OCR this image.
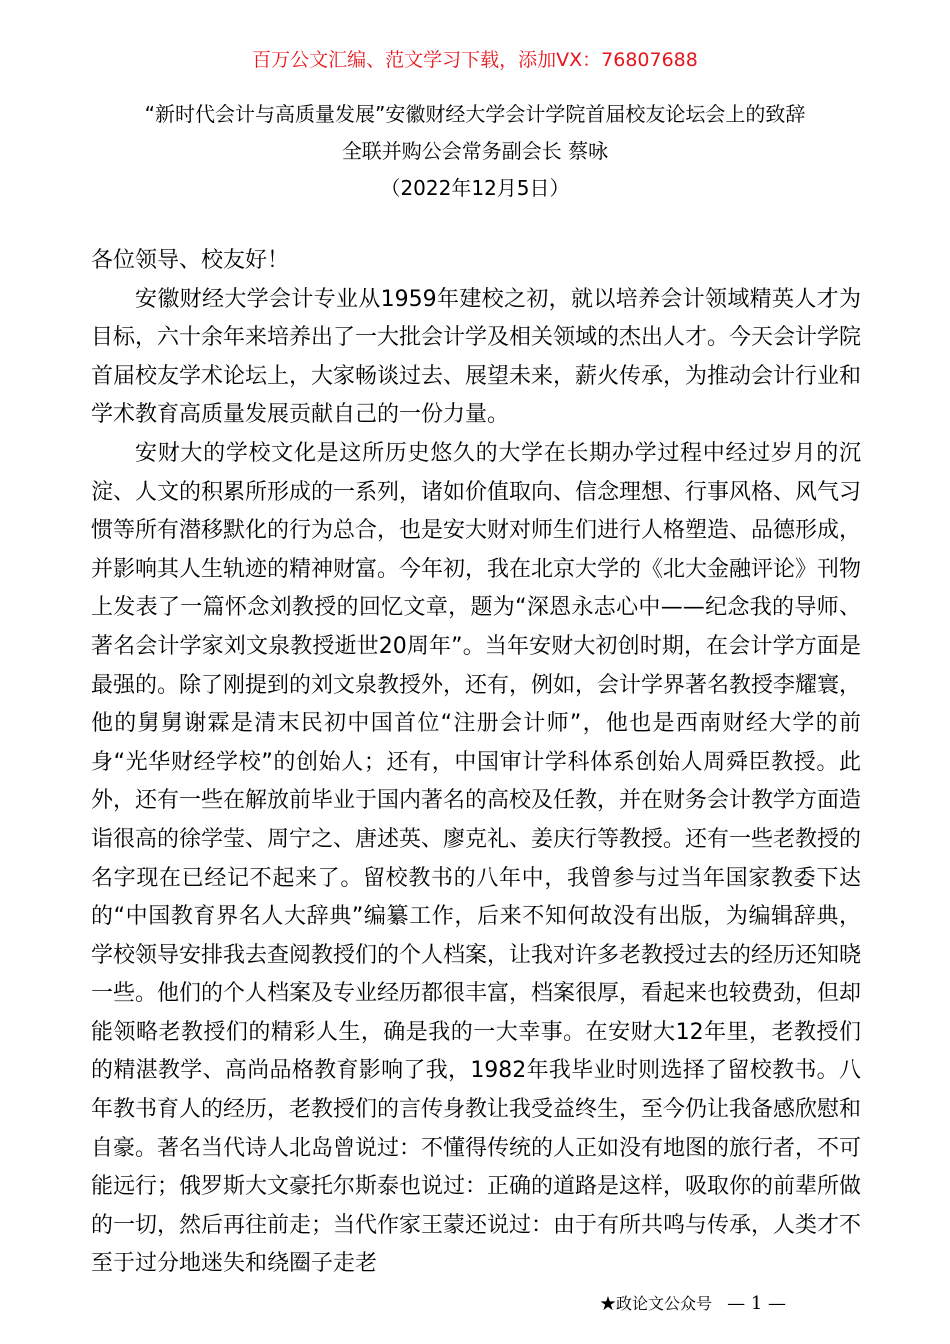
百万公文汇编、范文学习下载，添加VX：76807688
“新时代会计与高质量发展”安徽财经大学会计学院首届校友论坛会上的致辞
全联并购公会常务副会长 蔡咏
（2022年12月5日）

各位领导、校友好！

安徽财经大学会计专业从1959年建校之初，就以培养会计领域精英人才为目标，六十余年来培养出了一大批会计学及相关领域的杰出人才。今天会计学院首届校友学术论坛上，大家畅谈过去、展望未来，薪火传承，为推动会计行业和学术教育高质量发展贡献自己的一份力量。

安财大的学校文化是这所历史悠久的大学在长期办学过程中经过岁月的沉淀、人文的积累所形成的一系列，诸如价值取向、信念理想、行事风格、风气习惯等所有潜移默化的行为总合，也是安大财对师生们进行人格塑造、品德形成，并影响其人生轨迹的精神财富。今年初，我在北京大学的《北大金融评论》刊物上发表了一篇怀念刘教授的回忆文章，题为“深恩永志心中——纪念我的导师、著名会计学家刘文泉教授逝世20周年”。当年安财大初创时期，在会计学方面是最强的。除了刚提到的刘文泉教授外，还有，例如，会计学界著名教授李耀寰，他的舅舅谢霖是清末民初中国首位“注册会计师”，他也是西南财经大学的前身“光华财经学校”的创始人；还有，中国审计学科体系创始人周舜臣教授。此外，还有一些在解放前毕业于国内著名的高校及任教，并在财务会计教学方面造诣很高的徐学莹、周宁之、唐述英、廖克礼、姜庆行等教授。还有一些老教授的名字现在已经记不起来了。留校教书的八年中，我曾参与过当年国家教委下达的“中国教育界名人大辞典”编纂工作，后来不知何故没有出版，为编辑辞典，学校领导安排我去查阅教授们的个人档案，让我对许多老教授过去的经历还知晓一些。他们的个人档案及专业经历都很丰富，档案很厚，看起来也较费劲，但却能领略老教授们的精彩人生，确是我的一大幸事。在安财大12年里，老教授们的精湛教学、高尚品格教育影响了我，1982年我毕业时则选择了留校教书。八年教书育人的经历，老教授们的言传身教让我受益终生，至今仍让我备感欣慰和自豪。著名当代诗人北岛曾说过：不懂得传统的人正如没有地图的旅行者，不可能远行；俄罗斯大文豪托尔斯泰也说过：正确的道路是这样，吸取你的前辈所做的一切，然后再往前走；当代作家王蒙还说过：由于有所共鸣与传承，人类才不至于过分地迷失和绕圈子走老

★政论文公众号 — 1 —
